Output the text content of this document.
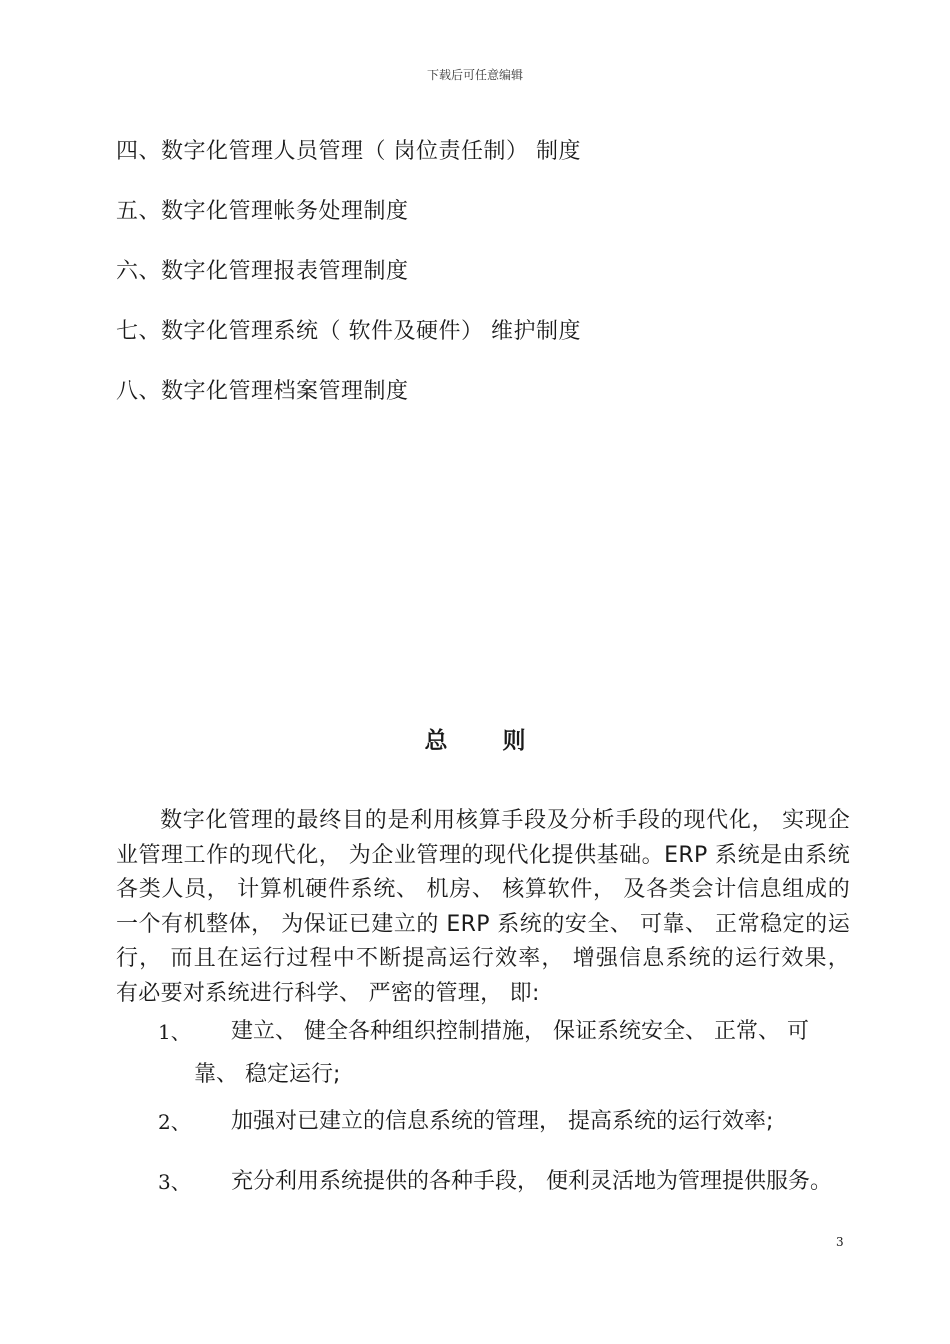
下载后可任意编辑
四、数字化管理人员管理（ 岗位责任制） 制度
五、数字化管理帐务处理制度
六、数字化管理报表管理制度
七、数字化管理系统（ 软件及硬件） 维护制度
八、数字化管理档案管理制度
总则
数字化管理的最终目的是利用核算手段及分析手段的现代化， 实现企业管理工作的现代化， 为企业管理的现代化提供基础。ERP 系统是由系统各类人员， 计算机硬件系统、 机房、 核算软件， 及各类会计信息组成的一个有机整体， 为保证已建立的 ERP 系统的安全、 可靠、 正常稳定的运行， 而且在运行过程中不断提高运行效率， 增强信息系统的运行效果， 有必要对系统进行科学、 严密的管理， 即:
1、 建立、 健全各种组织控制措施， 保证系统安全、 正常、 可
靠、 稳定运行;
2、 加强对已建立的信息系统的管理， 提高系统的运行效率;
3、 充分利用系统提供的各种手段， 便利灵活地为管理提供服务。
3
